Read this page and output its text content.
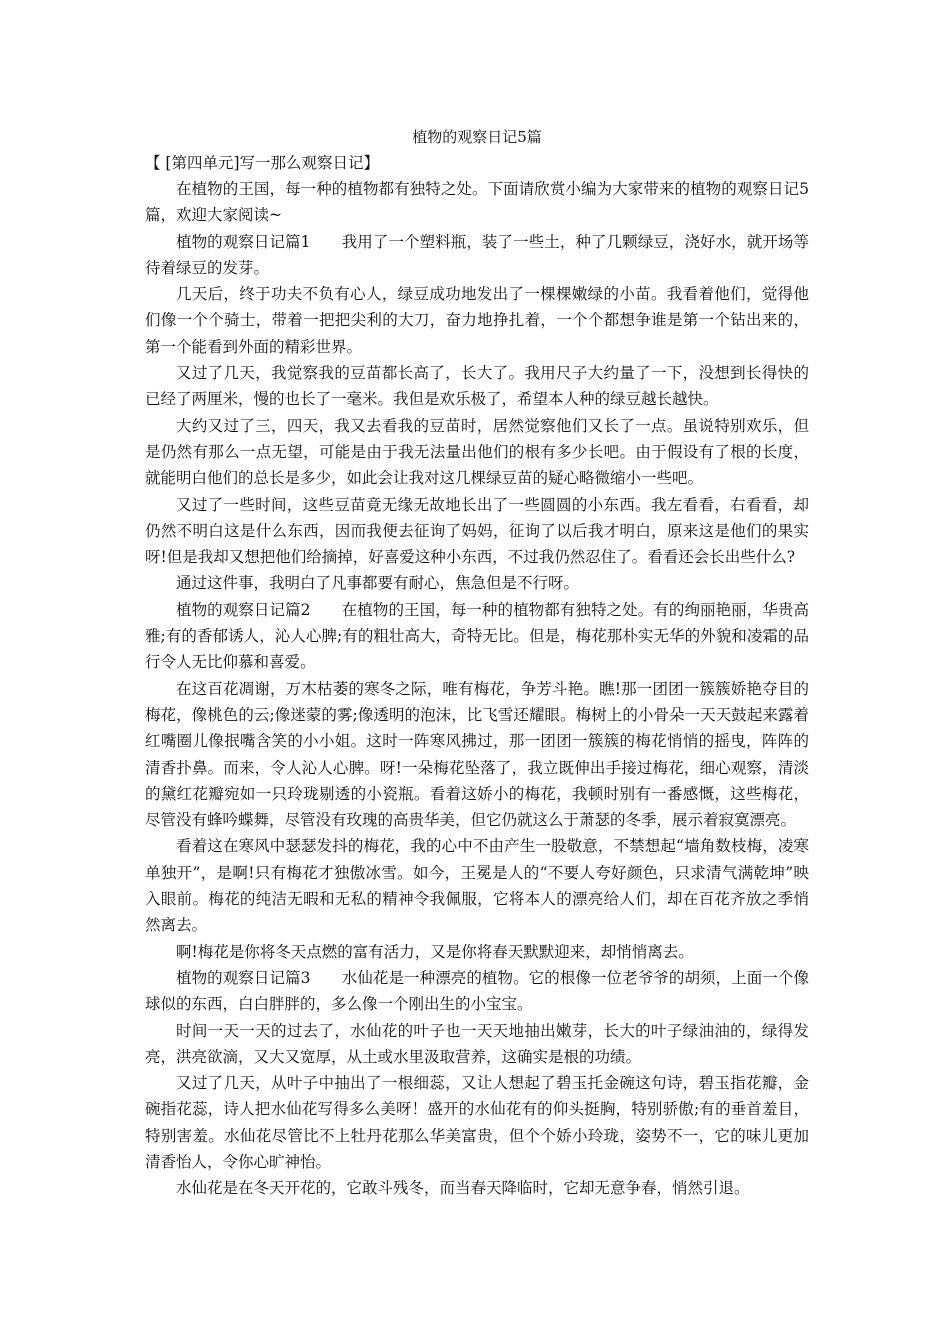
植物的观察日记5篇

【 [第四单元]写一那么观察日记】

在植物的王国，每一种的植物都有独特之处。下面请欣赏小编为大家带来的植物的观察日记5篇，欢迎大家阅读~

植物的观察日记篇1　　我用了一个塑料瓶，装了一些土，种了几颗绿豆，浇好水，就开场等待着绿豆的发芽。

几天后，终于功夫不负有心人，绿豆成功地发出了一棵棵嫩绿的小苗。我看着他们，觉得他们像一个个骑士，带着一把把尖利的大刀，奋力地挣扎着，一个个都想争谁是第一个钻出来的，第一个能看到外面的精彩世界。

又过了几天，我觉察我的豆苗都长高了，长大了。我用尺子大约量了一下，没想到长得快的已经了两厘米，慢的也长了一毫米。我但是欢乐极了，希望本人种的绿豆越长越快。

大约又过了三，四天，我又去看我的豆苗时，居然觉察他们又长了一点。虽说特别欢乐，但是仍然有那么一点无望，可能是由于我无法量出他们的根有多少长吧。由于假设有了根的长度，就能明白他们的总长是多少，如此会让我对这几棵绿豆苗的疑心略微缩小一些吧。

又过了一些时间，这些豆苗竟无缘无故地长出了一些圆圆的小东西。我左看看，右看看，却仍然不明白这是什么东西，因而我便去征询了妈妈，征询了以后我才明白，原来这是他们的果实呀!但是我却又想把他们给摘掉，好喜爱这种小东西，不过我仍然忍住了。看看还会长出些什么?

通过这件事，我明白了凡事都要有耐心，焦急但是不行呀。

植物的观察日记篇2　　在植物的王国，每一种的植物都有独特之处。有的绚丽艳丽，华贵高雅;有的香郁诱人，沁人心脾;有的粗壮高大，奇特无比。但是，梅花那朴实无华的外貌和凌霜的品行令人无比仰慕和喜爱。

在这百花凋谢，万木枯萎的寒冬之际，唯有梅花，争芳斗艳。瞧!那一团团一簇簇娇艳夺目的梅花，像桃色的云;像迷蒙的雾;像透明的泡沫，比飞雪还耀眼。梅树上的小骨朵一天天鼓起来露着红嘴圈儿像抿嘴含笑的小小姐。这时一阵寒风拂过，那一团团一簇簇的梅花悄悄的摇曳，阵阵的清香扑鼻。而来，令人沁人心脾。呀!一朵梅花坠落了，我立既伸出手接过梅花，细心观察，清淡的黛红花瓣宛如一只玲珑剔透的小瓷瓶。看着这娇小的梅花，我顿时别有一番感慨，这些梅花，尽管没有蜂吟蝶舞，尽管没有玫瑰的高贵华美，但它仍就这么于萧瑟的冬季，展示着寂寞漂亮。

看着这在寒风中瑟瑟发抖的梅花，我的心中不由产生一股敬意，不禁想起“墙角数枝梅，凌寒单独开”，是啊!只有梅花才独傲冰雪。如今，王冕是人的“不要人夸好颜色，只求清气满乾坤”映入眼前。梅花的纯洁无暇和无私的精神令我佩服，它将本人的漂亮给人们，却在百花齐放之季悄然离去。

啊!梅花是你将冬天点燃的富有活力，又是你将春天默默迎来，却悄悄离去。

植物的观察日记篇3　　水仙花是一种漂亮的植物。它的根像一位老爷爷的胡须，上面一个像球似的东西，白白胖胖的，多么像一个刚出生的小宝宝。

时间一天一天的过去了，水仙花的叶子也一天天地抽出嫩芽，长大的叶子绿油油的，绿得发亮，洪亮欲滴，又大又宽厚，从土或水里汲取营养，这确实是根的功绩。

又过了几天，从叶子中抽出了一根细蕊，又让人想起了碧玉托金碗这句诗，碧玉指花瓣，金碗指花蕊，诗人把水仙花写得多么美呀！盛开的水仙花有的仰头挺胸，特别骄傲;有的垂首羞目，特别害羞。水仙花尽管比不上牡丹花那么华美富贵，但个个娇小玲珑，姿势不一，它的味儿更加清香怡人，令你心旷神怡。

水仙花是在冬天开花的，它敢斗残冬，而当春天降临时，它却无意争春，悄然引退。
